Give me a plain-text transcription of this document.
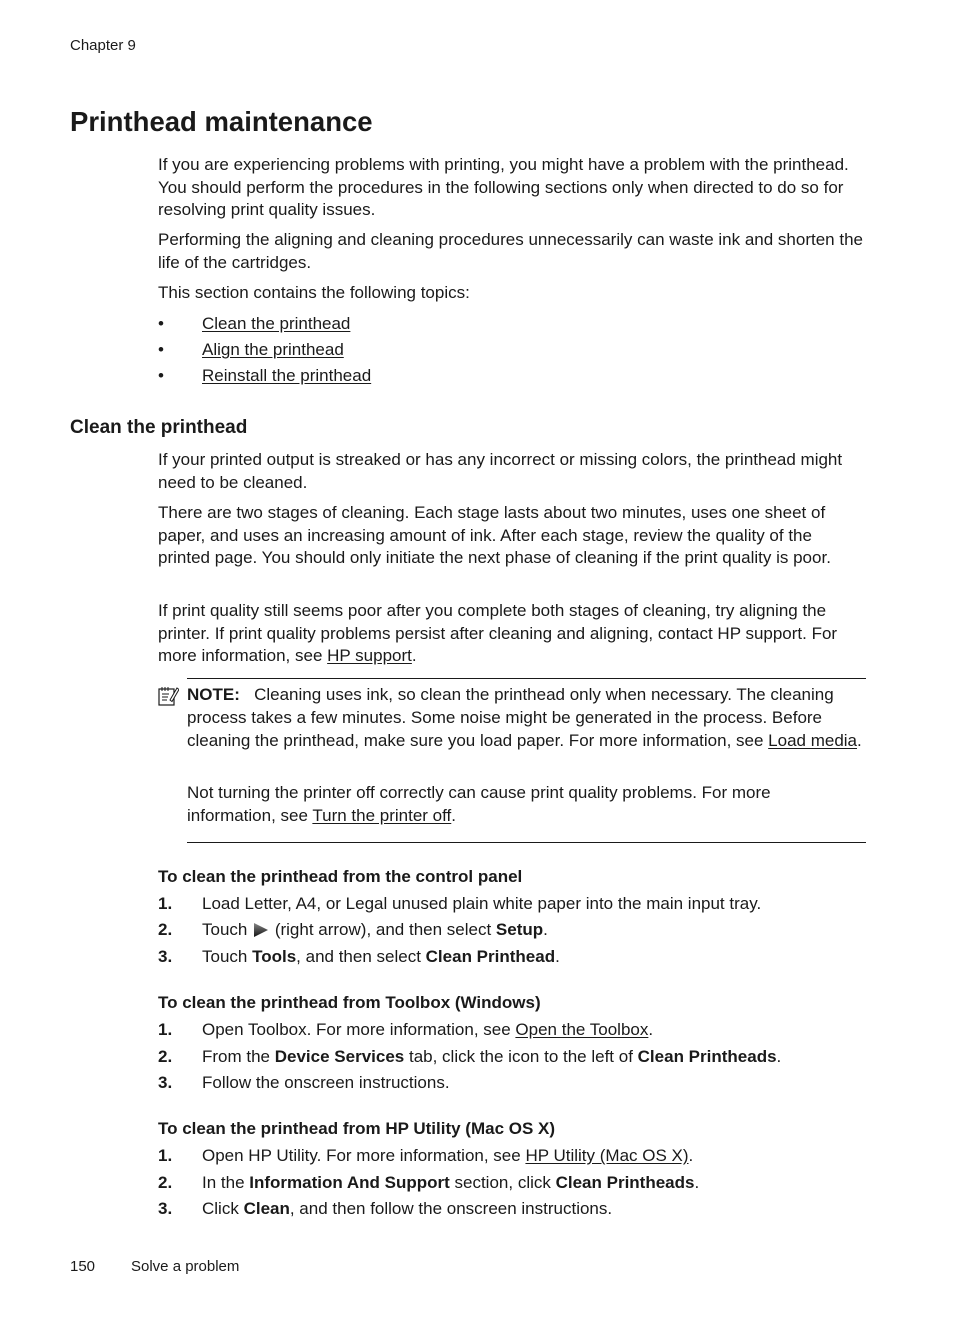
Chapter 9
Printhead maintenance

If you are experiencing problems with printing, you might have a problem with the printhead. You should perform the procedures in the following sections only when directed to do so for resolving print quality issues.

Performing the aligning and cleaning procedures unnecessarily can waste ink and shorten the life of the cartridges.

This section contains the following topics:

• Clean the printhead
• Align the printhead
• Reinstall the printhead
Clean the printhead

If your printed output is streaked or has any incorrect or missing colors, the printhead might need to be cleaned.

There are two stages of cleaning. Each stage lasts about two minutes, uses one sheet of paper, and uses an increasing amount of ink. After each stage, review the quality of the printed page. You should only initiate the next phase of cleaning if the print quality is poor.

If print quality still seems poor after you complete both stages of cleaning, try aligning the printer. If print quality problems persist after cleaning and aligning, contact HP support. For more information, see HP support.

NOTE: Cleaning uses ink, so clean the printhead only when necessary. The cleaning process takes a few minutes. Some noise might be generated in the process. Before cleaning the printhead, make sure you load paper. For more information, see Load media.

Not turning the printer off correctly can cause print quality problems. For more information, see Turn the printer off.

To clean the printhead from the control panel
1. Load Letter, A4, or Legal unused plain white paper into the main input tray.
2. Touch  (right arrow), and then select Setup.
3. Touch Tools, and then select Clean Printhead.
To clean the printhead from Toolbox (Windows)
1. Open Toolbox. For more information, see Open the Toolbox.
2. From the Device Services tab, click the icon to the left of Clean Printheads.
3. Follow the onscreen instructions.
To clean the printhead from HP Utility (Mac OS X)
1. Open HP Utility. For more information, see HP Utility (Mac OS X).
2. In the Information And Support section, click Clean Printheads.
3. Click Clean, and then follow the onscreen instructions.
150 Solve a problem
